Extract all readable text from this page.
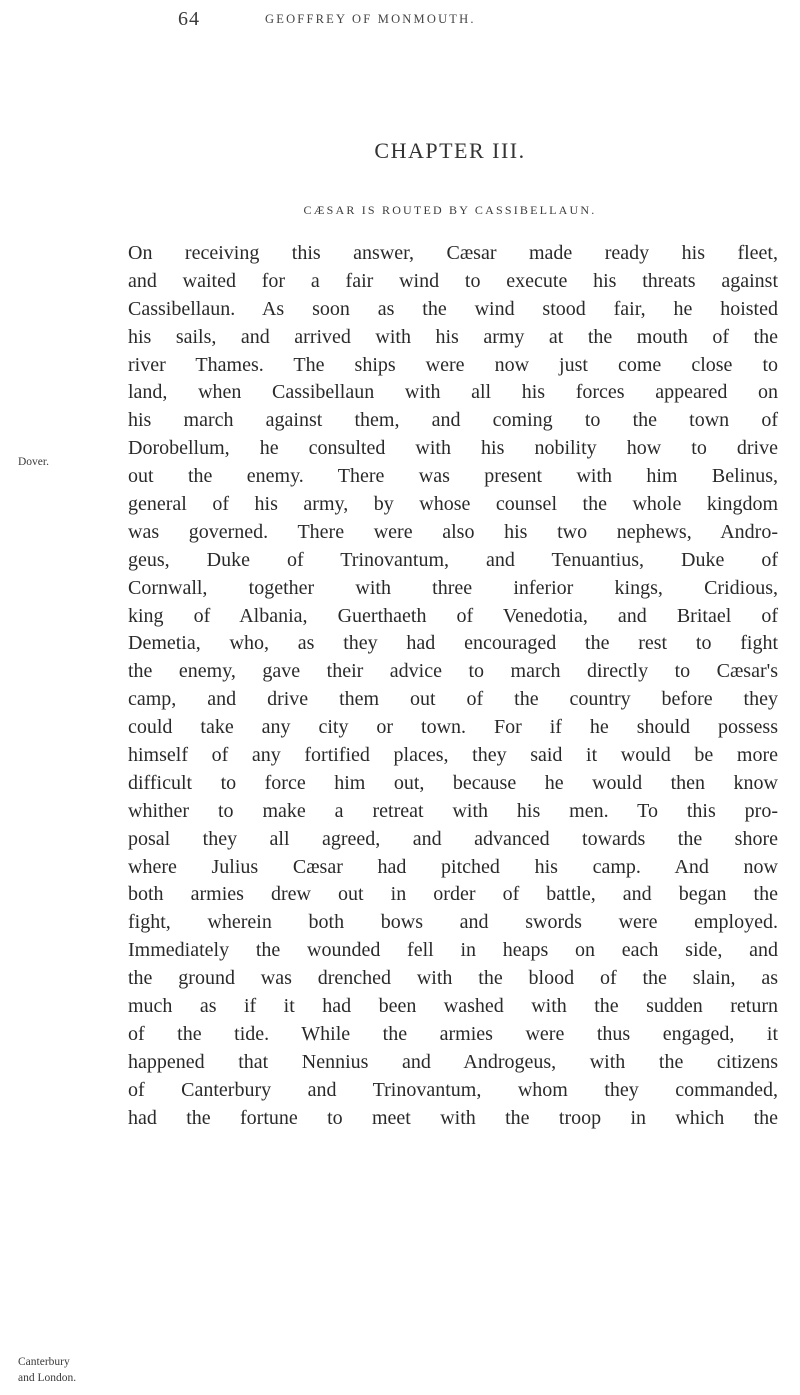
64	GEOFFREY OF MONMOUTH.
CHAPTER III.
CÆSAR IS ROUTED BY CASSIBELLAUN.
Dover.
Canterbury
and London.
On receiving this answer, Cæsar made ready his fleet,
and waited for a fair wind to execute his threats against
Cassibellaun. As soon as the wind stood fair, he hoisted
his sails, and arrived with his army at the mouth of the
river Thames. The ships were now just come close to
land, when Cassibellaun with all his forces appeared on
his march against them, and coming to the town of
Dorobellum, he consulted with his nobility how to drive
out the enemy. There was present with him Belinus,
general of his army, by whose counsel the whole kingdom
was governed. There were also his two nephews, Andro-
geus, Duke of Trinovantum, and Tenuantius, Duke of
Cornwall, together with three inferior kings, Cridious,
king of Albania, Guerthaeth of Venedotia, and Britael of
Demetia, who, as they had encouraged the rest to fight
the enemy, gave their advice to march directly to Cæsar's
camp, and drive them out of the country before they
could take any city or town. For if he should possess
himself of any fortified places, they said it would be more
difficult to force him out, because he would then know
whither to make a retreat with his men. To this pro-
posal they all agreed, and advanced towards the shore
where Julius Cæsar had pitched his camp. And now
both armies drew out in order of battle, and began the
fight, wherein both bows and swords were employed.
Immediately the wounded fell in heaps on each side, and
the ground was drenched with the blood of the slain, as
much as if it had been washed with the sudden return
of the tide. While the armies were thus engaged, it
happened that Nennius and Androgeus, with the citizens
of Canterbury and Trinovantum, whom they commanded,
had the fortune to meet with the troop in which the
